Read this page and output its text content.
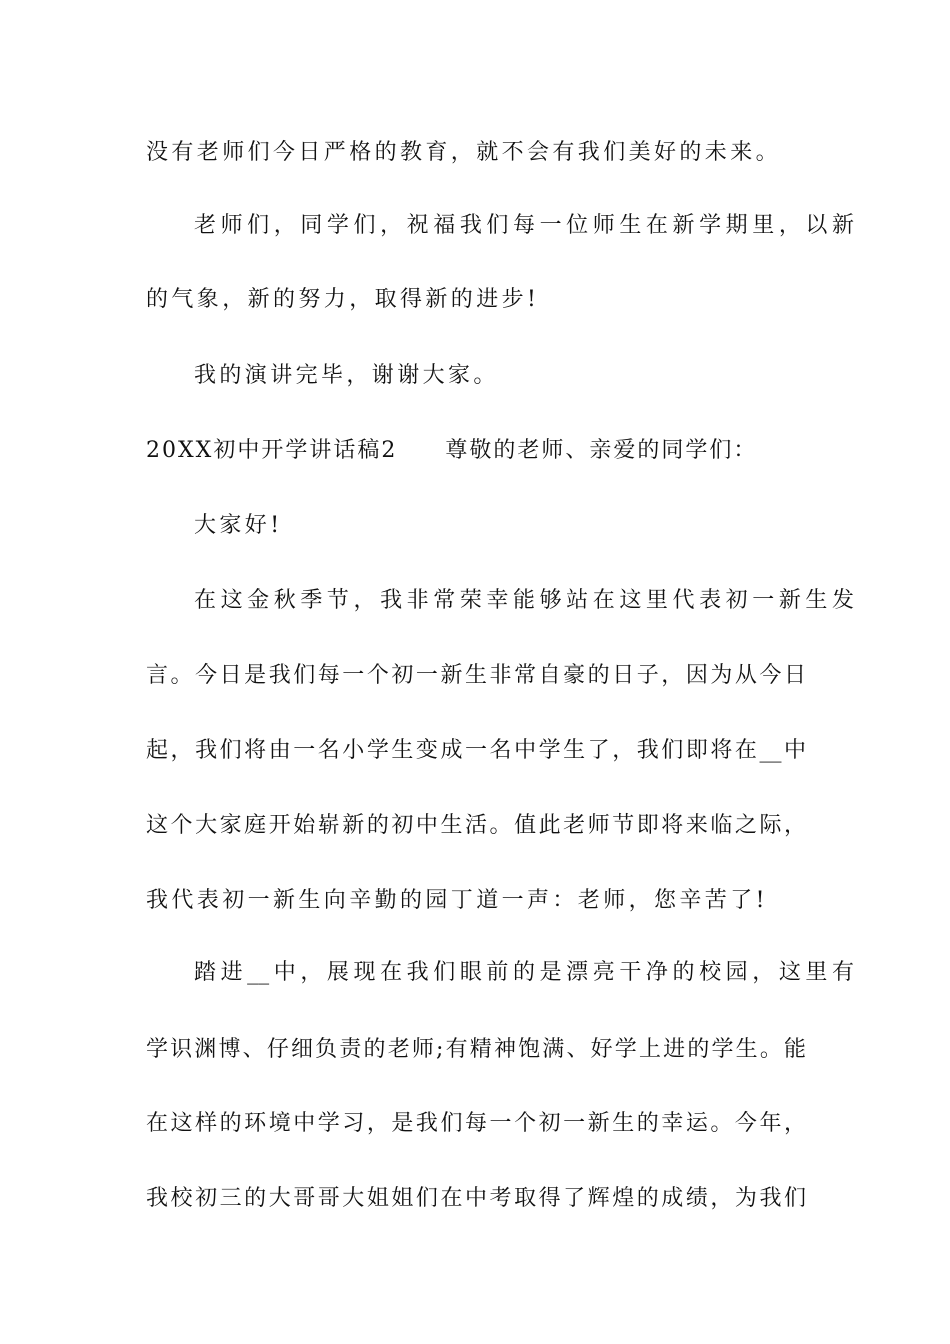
没有老师们今日严格的教育，就不会有我们美好的未来。
老师们，同学们，祝福我们每一位师生在新学期里，以新
的气象，新的努力，取得新的进步!
我的演讲完毕，谢谢大家。
20XX初中开学讲话稿2 尊敬的老师、亲爱的同学们：
大家好!
在这金秋季节，我非常荣幸能够站在这里代表初一新生发
言。今日是我们每一个初一新生非常自豪的日子，因为从今日
起，我们将由一名小学生变成一名中学生了，我们即将在__中
这个大家庭开始崭新的初中生活。值此老师节即将来临之际，
我代表初一新生向辛勤的园丁道一声：老师，您辛苦了!
踏进__中，展现在我们眼前的是漂亮干净的校园，这里有
学识渊博、仔细负责的老师;有精神饱满、好学上进的学生。能
在这样的环境中学习，是我们每一个初一新生的幸运。今年，
我校初三的大哥哥大姐姐们在中考取得了辉煌的成绩，为我们
